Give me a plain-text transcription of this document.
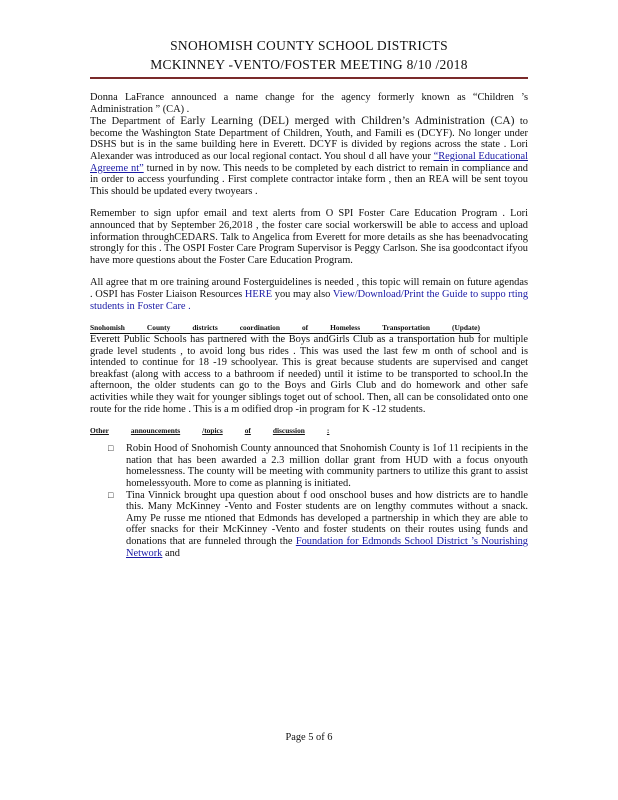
SNOHOMISH COUNTY SCHOOL DISTRICTS
MCKINNEY -VENTO/FOSTER MEETING 8/10 /2018

Donna LaFrance announced a name change for the agency formerly known as “Children ’s Administration ” (CA) .
The Department of Early Learning (DEL) merged with Children’s Administration (CA) to become the Washington State Department of Children, Youth, and Famili es (DCYF). No longer under DSHS but is in the same building here in Everett. DCYF is divided by regions across the state . Lori Alexander was introduced as our local regional contact. You shoul d all have your “Regional Educational Agreeme nt” turned in by now. This needs to be completed by each district to remain in compliance and in order to access yourfunding . First complete contractor intake form , then an REA will be sent toyou This should be updated every twoyears .

Remember to sign upfor email and text alerts from O SPI Foster Care Education Program . Lori announced that by September 26,2018 , the foster care social workerswill be able to access and upload information throughCEDARS. Talk to Angelica from Everett for more details as she has beenadvocating strongly for this . The OSPI Foster Care Program Supervisor is Peggy Carlson. She isa goodcontact ifyou have more questions about the Foster Care Education Program.

All agree that m ore training around Fosterguidelines is needed , this topic will remain on future agendas . OSPI has Foster Liaison Resources HERE you may also View/Download/Print the Guide to suppo rting students in Foster Care .

Snohomish	County	districts	coordination	of	Homeless	Transportation	(Update)

Everett Public Schools has partnered with the Boys andGirls Club as a transportation hub for multiple grade level students , to avoid long bus rides . This was used the last few m onth of school and is intended to continue for 18 -19 schoolyear. This is great because students are supervised and canget breakfast (along with access to a bathroom if needed) until it istime to be transported to school.In the afternoon, the older students can go to the Boys and Girls Club and do homework and other safe activities while they wait for younger siblings toget out of school. Then, all can be consolidated onto one route for the ride home . This is a m odified drop -in program for K -12 students.

Other	announcements	/topics	of	discussion	:
□ Robin Hood of Snohomish County announced that Snohomish County is 1of 11 recipients in the nation that has been awarded a 2.3 million dollar grant from HUD with a focus onyouth homelessness. The county will be meeting with community partners to utilize this grant to assist homelessyouth. More to come as planning is initiated.

□ Tina Vinnick brought upa question about f ood onschool buses and how districts are to handle this. Many McKinney -Vento and Foster students are on lengthy commutes without a snack. Amy Pe russe me ntioned that Edmonds has developed a partnership in which they are able to offer snacks for their McKinney -Vento and foster students on their routes using funds and donations that are funneled through the Foundation for Edmonds School District ’s Nourishing Network and

Page 5 of 6
